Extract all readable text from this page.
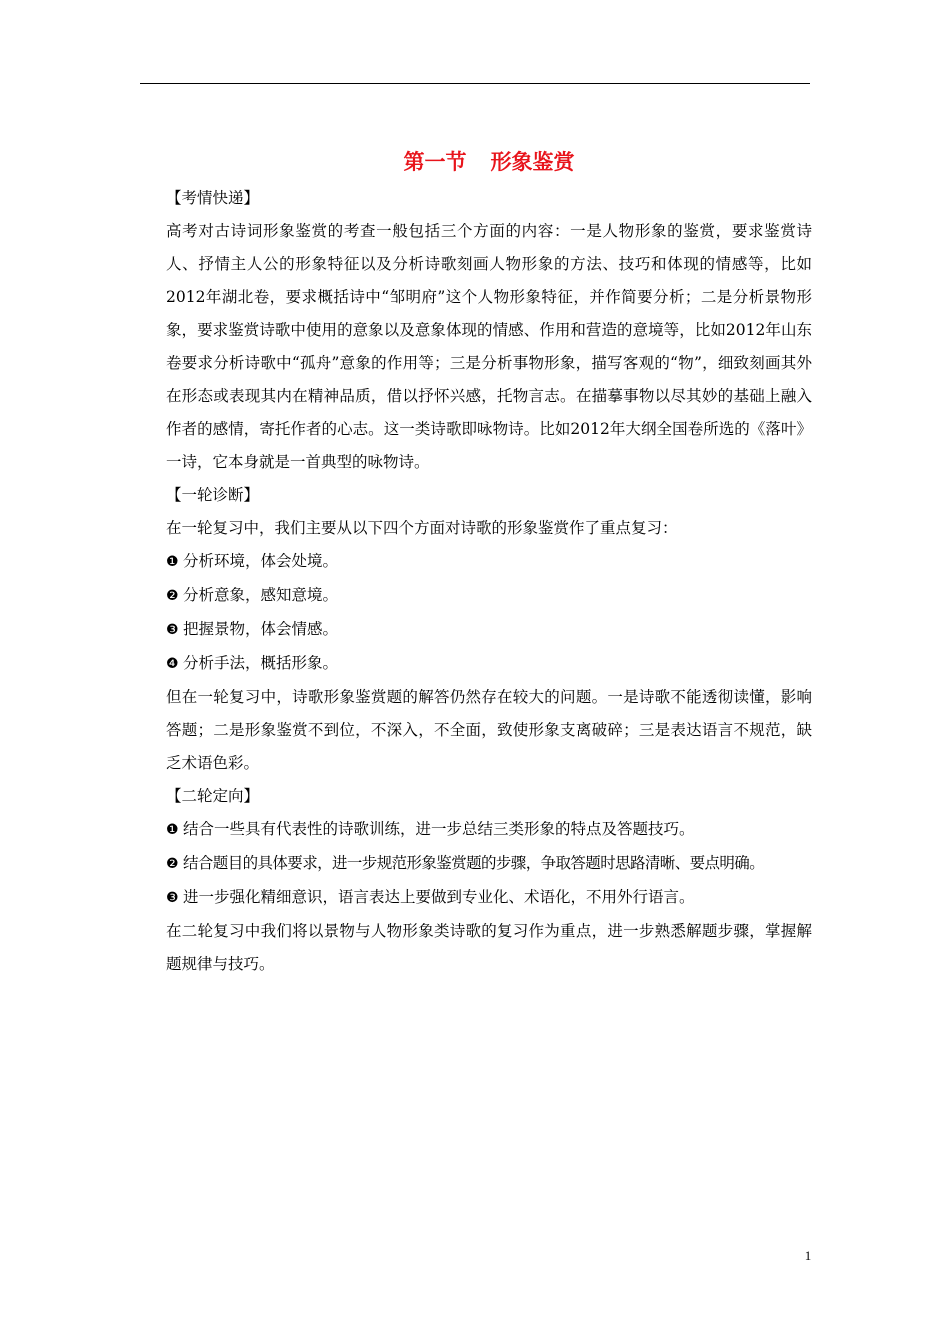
第一节 形象鉴赏

【考情快递】

高考对古诗词形象鉴赏的考查一般包括三个方面的内容：一是人物形象的鉴赏，要求鉴赏诗人、抒情主人公的形象特征以及分析诗歌刻画人物形象的方法、技巧和体现的情感等，比如2012年湖北卷，要求概括诗中“邹明府”这个人物形象特征，并作简要分析；二是分析景物形象，要求鉴赏诗歌中使用的意象以及意象体现的情感、作用和营造的意境等，比如2012年山东卷要求分析诗歌中“孤舟”意象的作用等；三是分析事物形象，描写客观的“物”，细致刻画其外在形态或表现其内在精神品质，借以抒怀兴感，托物言志。在描摹事物以尽其妙的基础上融入作者的感情，寄托作者的心志。这一类诗歌即咏物诗。比如2012年大纲全国卷所选的《落叶》一诗，它本身就是一首典型的咏物诗。

【一轮诊断】

在一轮复习中，我们主要从以下四个方面对诗歌的形象鉴赏作了重点复习：

❶ 分析环境，体会处境。

❷ 分析意象，感知意境。

❸ 把握景物，体会情感。

❹ 分析手法，概括形象。

但在一轮复习中，诗歌形象鉴赏题的解答仍然存在较大的问题。一是诗歌不能透彻读懂，影响答题；二是形象鉴赏不到位，不深入，不全面，致使形象支离破碎；三是表达语言不规范，缺乏术语色彩。

【二轮定向】

❶ 结合一些具有代表性的诗歌训练，进一步总结三类形象的特点及答题技巧。

❷ 结合题目的具体要求，进一步规范形象鉴赏题的步骤，争取答题时思路清晰、要点明确。

❸ 进一步强化精细意识，语言表达上要做到专业化、术语化，不用外行语言。

在二轮复习中我们将以景物与人物形象类诗歌的复习作为重点，进一步熟悉解题步骤，掌握解题规律与技巧。

1
